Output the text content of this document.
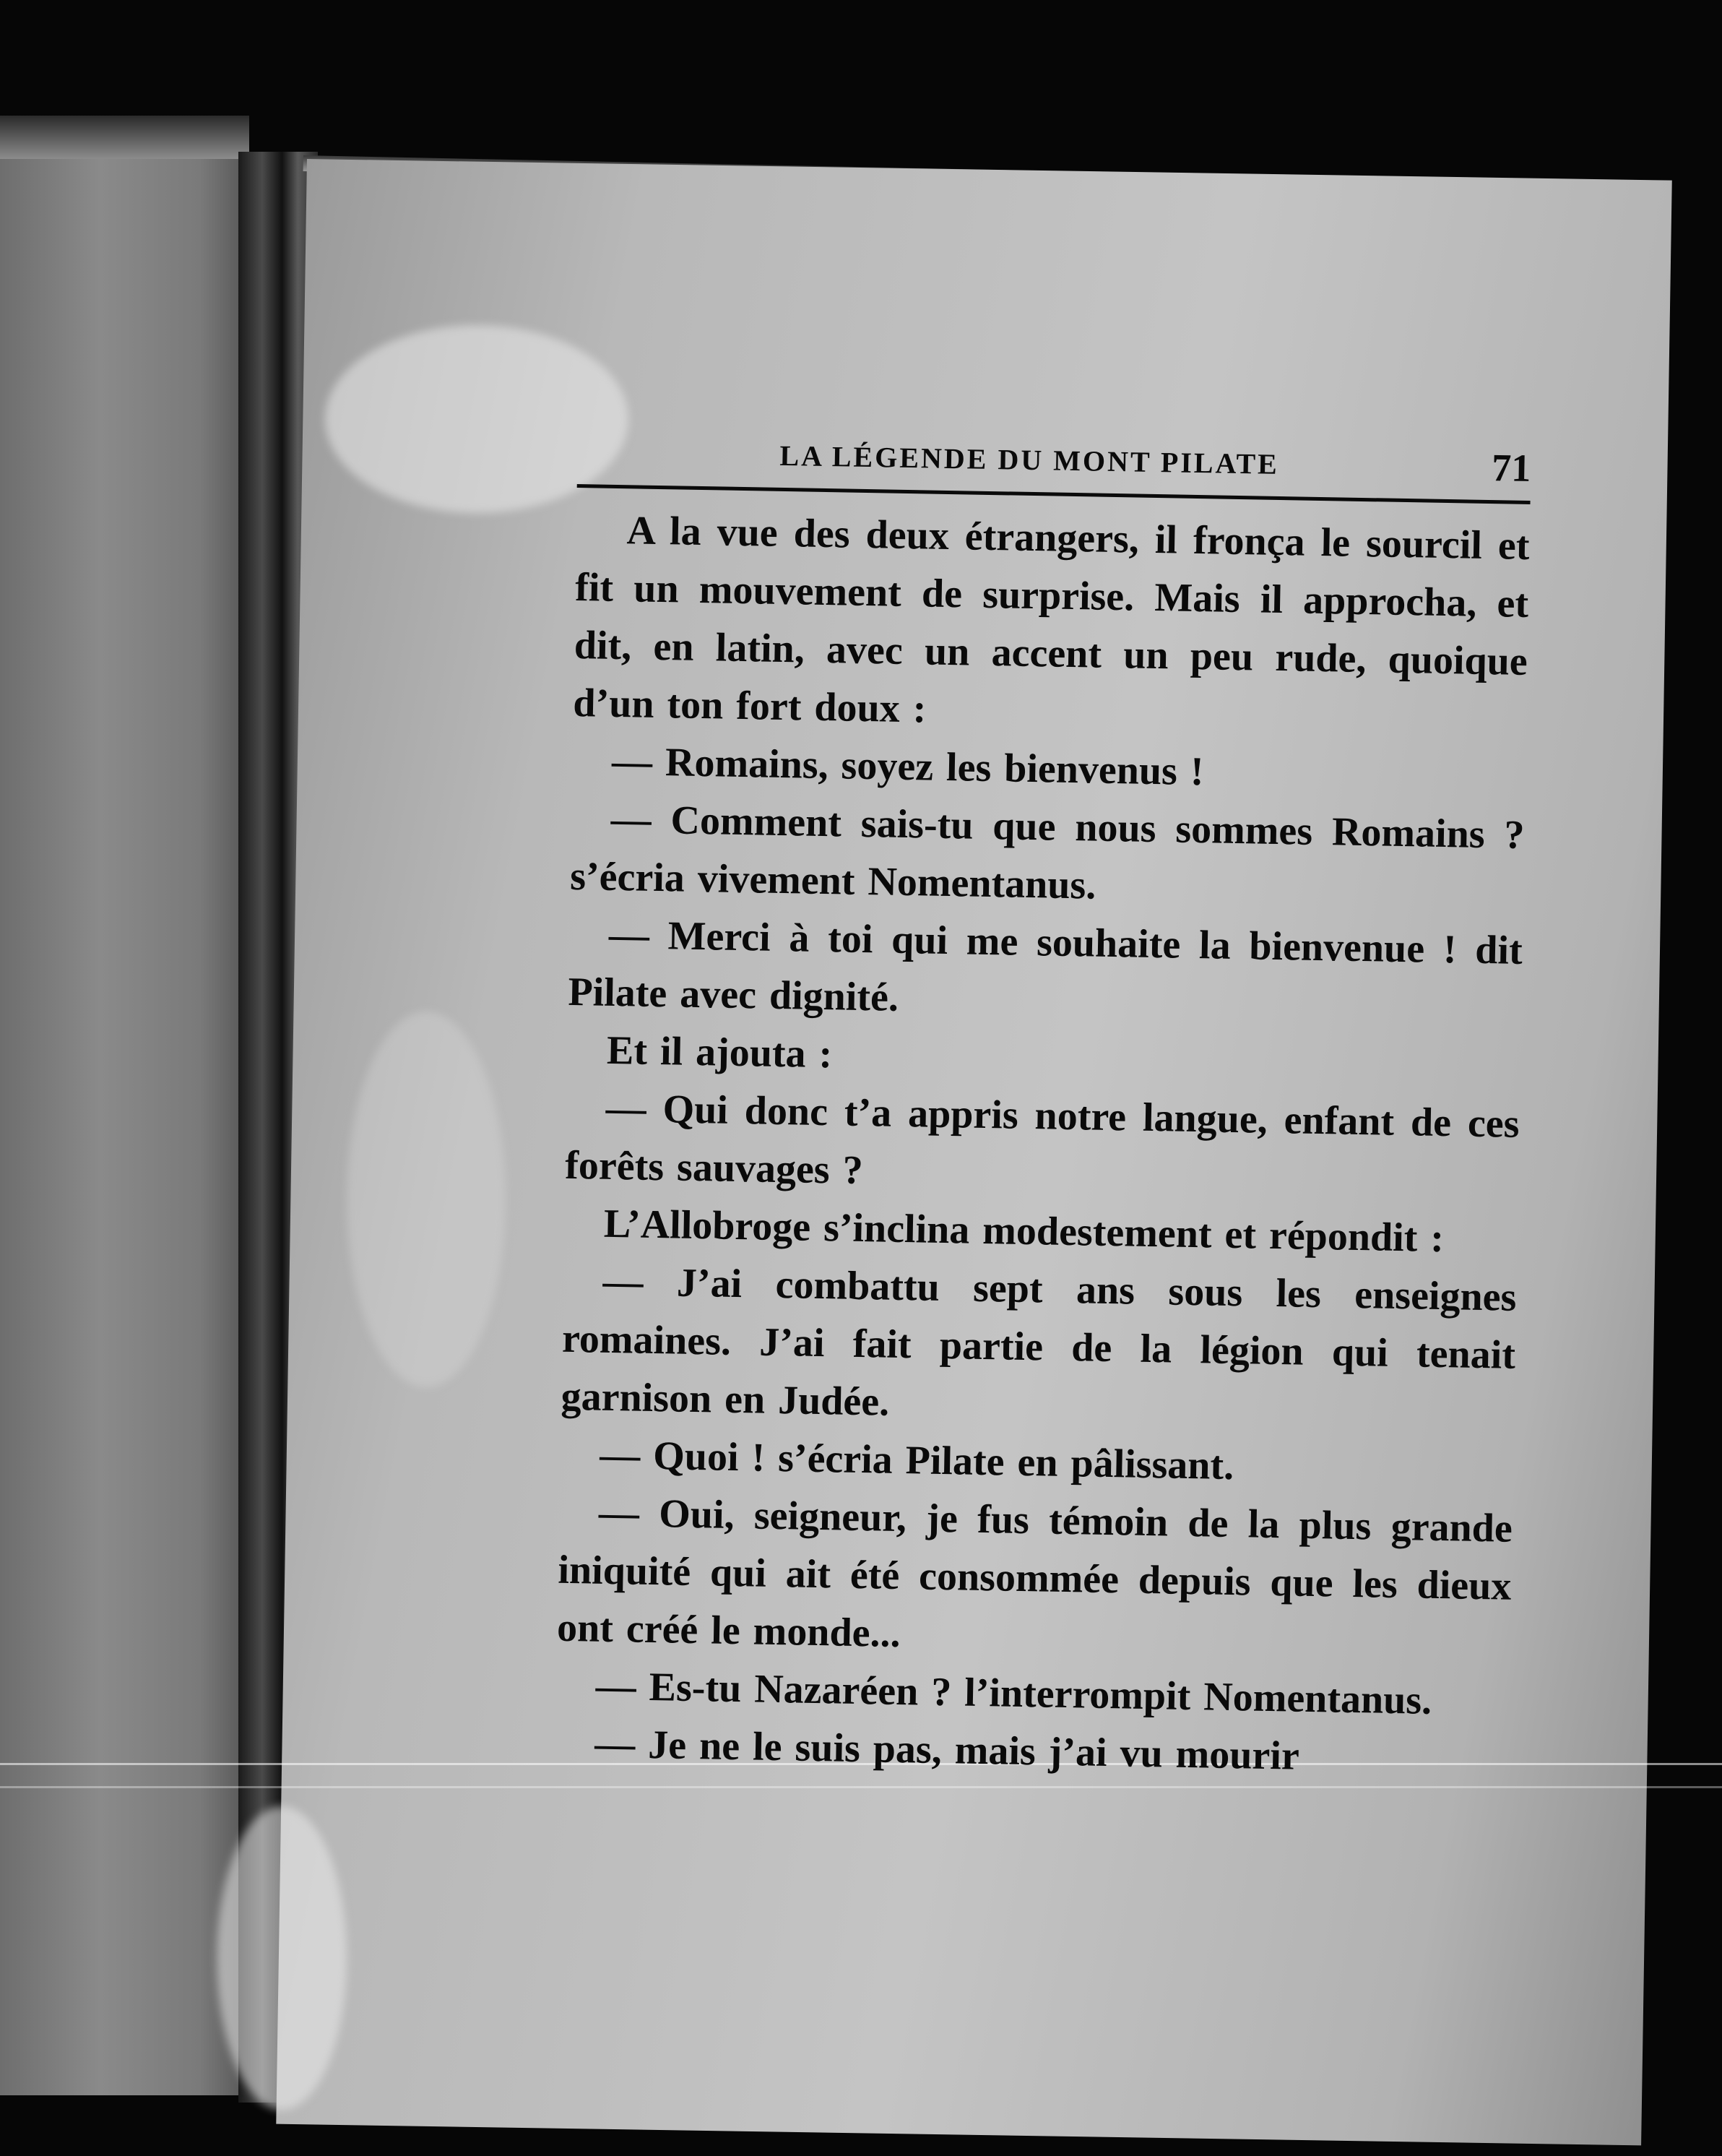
LA LÉGENDE DU MONT PILATE	71

A la vue des deux étrangers, il fronça le sourcil et fit un mouvement de surprise. Mais il approcha, et dit, en latin, avec un accent un peu rude, quoique d’un ton fort doux :

— Romains, soyez les bienvenus !

— Comment sais-tu que nous sommes Romains ? s’écria vivement Nomentanus.

— Merci à toi qui me souhaite la bienvenue ! dit Pilate avec dignité.

Et il ajouta :

— Qui donc t’a appris notre langue, enfant de ces forêts sauvages ?

L’Allobroge s’inclina modestement et répondit :

— J’ai combattu sept ans sous les enseignes romaines. J’ai fait partie de la légion qui tenait garnison en Judée.

— Quoi ! s’écria Pilate en pâlissant.

— Oui, seigneur, je fus témoin de la plus grande iniquité qui ait été consommée depuis que les dieux ont créé le monde...

— Es-tu Nazaréen ? l’interrompit Nomentanus.

— Je ne le suis pas, mais j’ai vu mourir
